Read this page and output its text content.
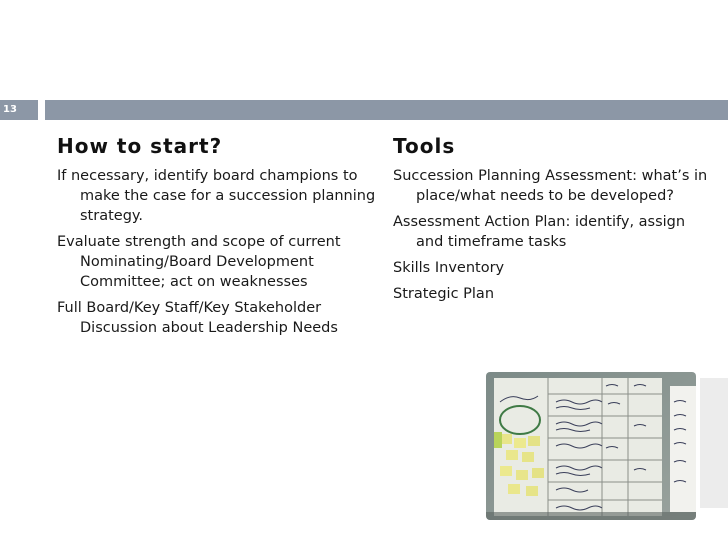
13
How to start?
If necessary, identify board champions to make the case for a succession planning strategy.
Evaluate strength and scope of current Nominating/Board Development Committee; act on weaknesses
Full Board/Key Staff/Key Stakeholder Discussion about Leadership Needs
Tools
Succession Planning Assessment: what’s in place/what needs to be developed?
Assessment Action Plan: identify, assign and timeframe tasks
Skills Inventory
Strategic Plan
